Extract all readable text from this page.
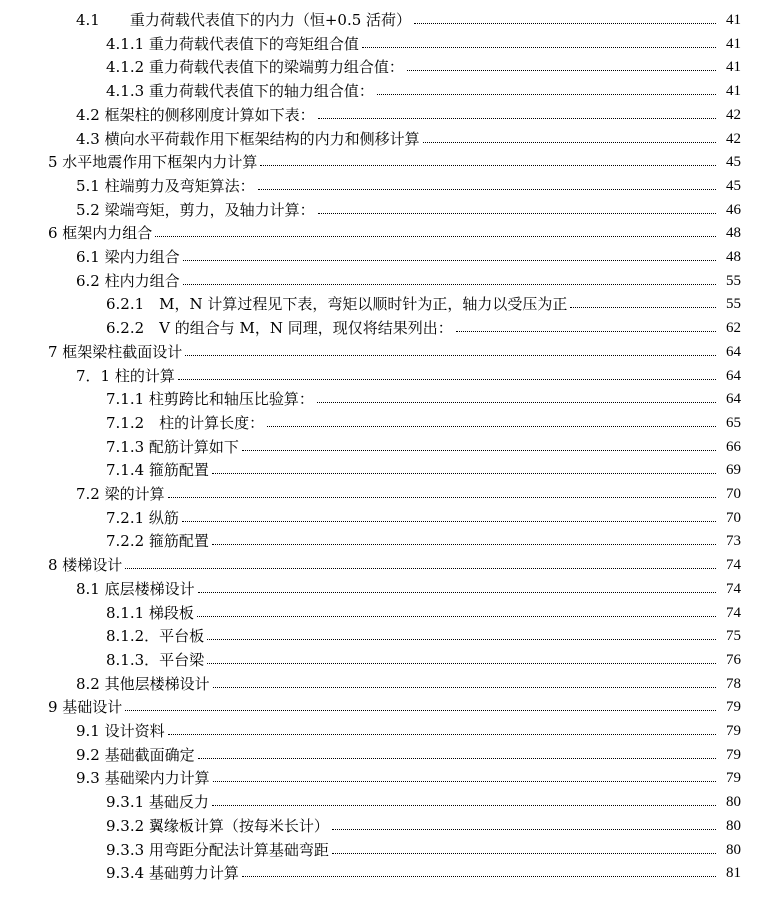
4.1　　重力荷载代表值下的内力（恒+0.5 活荷）	41
4.1.1 重力荷载代表值下的弯矩组合值	41
4.1.2 重力荷载代表值下的梁端剪力组合值：	41
4.1.3 重力荷载代表值下的轴力组合值：	41
4.2 框架柱的侧移刚度计算如下表：	42
4.3 横向水平荷载作用下框架结构的内力和侧移计算	42
5 水平地震作用下框架内力计算	45
5.1 柱端剪力及弯矩算法：	45
5.2 梁端弯矩，剪力，及轴力计算：	46
6 框架内力组合	48
6.1 梁内力组合	48
6.2 柱内力组合	55
6.2.1　M，N 计算过程见下表，弯矩以顺时针为正，轴力以受压为正	55
6.2.2　V 的组合与 M，N 同理，现仅将结果列出：	62
7 框架梁柱截面设计	64
7．1 柱的计算	64
7.1.1 柱剪跨比和轴压比验算：	64
7.1.2　柱的计算长度：	65
7.1.3 配筋计算如下	66
7.1.4 箍筋配置	69
7.2 梁的计算	70
7.2.1 纵筋	70
7.2.2 箍筋配置	73
8 楼梯设计	74
8.1 底层楼梯设计	74
8.1.1 梯段板	74
8.1.2．平台板	75
8.1.3．平台梁	76
8.2 其他层楼梯设计	78
9 基础设计	79
9.1 设计资料	79
9.2 基础截面确定	79
9.3 基础梁内力计算	79
9.3.1 基础反力	80
9.3.2 翼缘板计算（按每米长计）	80
9.3.3 用弯距分配法计算基础弯距	80
9.3.4 基础剪力计算	81
